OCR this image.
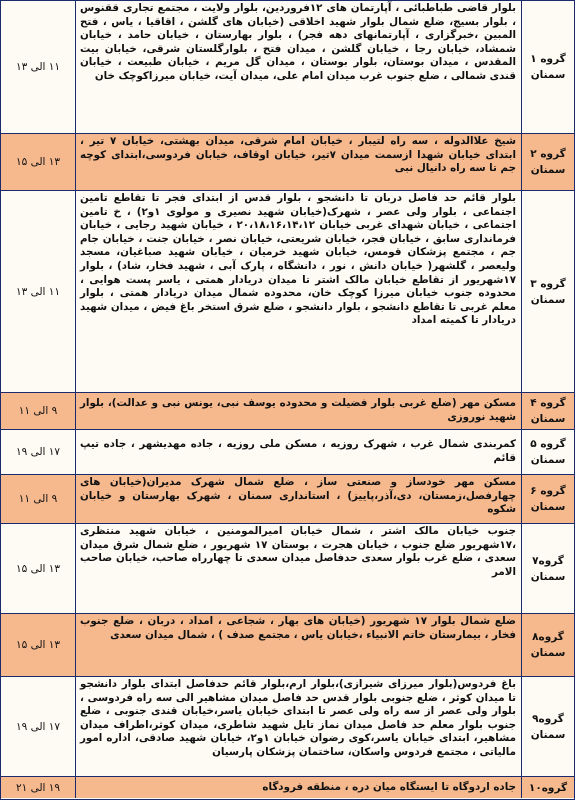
گروه ۱
سمنان
بلوار قاضی طباطبائی ، آپارتمان های ۱۲فروردین، بلوار ولایت ، مجتمع تجاری ققنوس ، بلوار بسیج، ضلع شمال بلوار شهید اخلاقی (خیابان های گلشن ، اقاقیا ، یاس ، فتح المبین ،خبرگزاری ، آپارتمانهای دهه فجر) ، بلوار بهارستان ، خیابان حامد ، خیابان شمشاد، خیابان رجا ، خیابان گلشن ، میدان فتح ، بلوارگلستان شرقی، خیابان بیت المقدس ، میدان بوستان، بلوار بوستان ، میدان گل مریم ، خیابان طبیعت ، خیابان قندی شمالی ، ضلع جنوب غرب میدان امام علی، میدان آیت، خیابان میرزاکوچک خان
۱۱ الی ۱۳
گروه ۲
سمنان
شیخ علاالدوله ، سه راه لتیبار ، خیابان امام شرقی، میدان بهشتی، خیابان ۷ تیر ، ابتدای خیابان شهدا ازسمت میدان ۷تیر، خیابان اوقاف، خیابان فردوسی،ابتدای کوچه جم تا سه راه دانیال نبی
۱۳ الی ۱۵
گروه ۳
سمنان
بلوار قائم حد فاصل دربان تا دانشجو ، بلوار قدس از ابتدای فجر تا تقاطع تامین اجتماعی ، بلوار ولی عصر ، شهرک(خیابان شهید نصیری و مولوی ۱و۲) ، خ تامین اجتماعی ، خیابان شهدای غربی خیابان ۲۰،۱۸،۱۶،۱۴،۱۲ ، خیابان شهید رجایی ، خیابان فرمانداری سابق ، خیابان فجر، خیابان شریعتی، خیابان نصر ، خیابان جنت ، خیابان جام جم ، مجتمع پزشکان قومس، خیابان شهید خرمیان ، خیابان شهید صباغیان، مسجد ولیعصر ، گلشهر( خیابان دانش ، نور ، دانشگاه ، پارک آبی ، شهید فخار، شاد) ، بلوار ۱۷شهریور از تقاطع خیابان مالک اشتر تا میدان دریادار همتی ، یاسر پست هوایی ، محدوده جنوب خیابان میرزا کوچک خان، محدوده شمال میدان دریادار همتی ، بلوار معلم غربی تا تقاطع دانشجو ، بلوار دانشجو ، ضلع شرق استخر باغ فیض ، میدان شهید دریادار تا کمیته امداد
۱۱ الی ۱۳
گروه ۴
سمنان
مسکن مهر (ضلع غربی بلوار فضیلت و محدوده یوسف نبی، یونس نبی و عدالت)، بلوار شهید نوروزی
۹ الی ۱۱
گروه ۵
سمنان
کمربندی شمال غرب ، شهرک روزیه ، مسکن ملی روزیه ، جاده مهدیشهر ، جاده تیپ قائم
۱۷ الی ۱۹
گروه ۶
سمنان
مسکن مهر خودساز و صنعتی ساز ، ضلع شمال شهرک مدیران(خیابان های چهارفصل،زمستان، دی،آذر،پاییز) ، استانداری سمنان ، شهرک بهارستان و خیابان شکوه
۹ الی ۱۱
گروه۷
سمنان
جنوب خیابان مالک اشتر ، شمال خیابان امیرالمومنین ، خیابان شهید منتظری ،۱۷شهریور ضلع جنوب ، خیابان هجرت ، بوستان ۱۷ شهریور ، ضلع شمال شرق میدان سعدی ، ضلع غرب بلوار سعدی حدفاصل میدان سعدی تا چهارراه صاحب، خیابان صاحب الامر
۱۳ الی ۱۵
گروه۸
سمنان
ضلع شمال بلوار ۱۷ شهریور (خیابان های بهار ، شجاعی ، امداد ، دربان ، ضلع جنوب فخار ، بیمارستان خاتم الانبیاء ،خیابان یاس ، مجتمع صدف ) ، شمال میدان سعدی
۱۳ الی ۱۵
گروه۹
سمنان
باغ فردوس(بلوار میرزای شیرازی)،بلوار ارم،بلوار قائم حدفاصل ابتدای بلوار دانشجو تا میدان کوثر ، ضلع جنوبی بلوار قدس حد فاصل میدان مشاهیر الی سه راه فردوسی ، بلوار ولی عصر از سه راه ولی عصر تا ابتدای خیابان یاسر،خیابان قندی جنوبی ، ضلع جنوب بلوار معلم حد فاصل میدان نماز تایل شهید شاطری، میدان کوثر،اطراف میدان مشاهیر، ابتدای خیابان یاسر،کوی رضوان خیابان ۱و۲، خیابان شهید صادقی، اداره امور مالیاتی ، مجتمع فردوس واسکان، ساختمان پزشکان پارسیان
۱۷ الی ۱۹
گروه۱۰
جاده اردوگاه تا ایستگاه میان دره ، منطقه فرودگاه
۱۹ الی ۲۱
